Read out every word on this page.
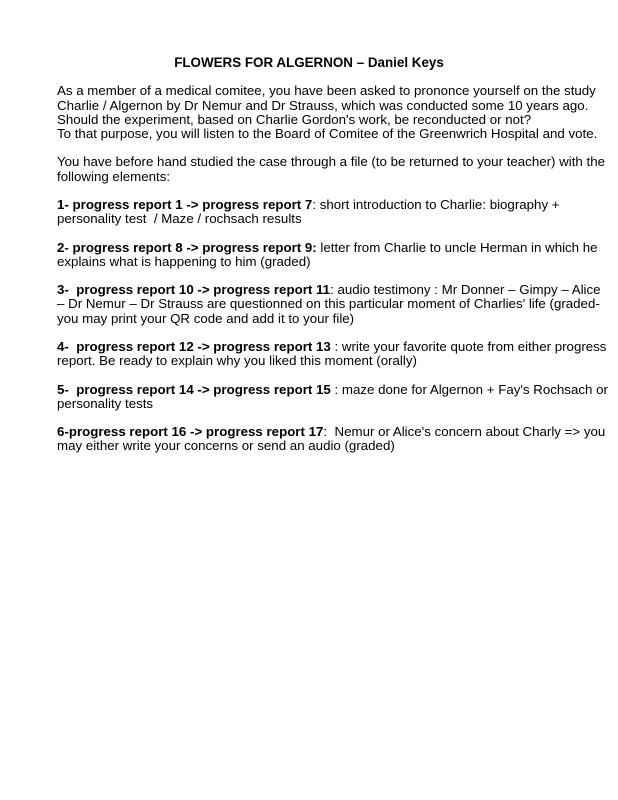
FLOWERS FOR ALGERNON – Daniel Keys
As a member of a medical comitee, you have been asked to prononce yourself on the study
Charlie / Algernon by Dr Nemur and Dr Strauss, which was conducted some 10 years ago.
Should the experiment, based on Charlie Gordon's work, be reconducted or not?
To that purpose, you will listen to the Board of Comitee of the Greenwrich Hospital and vote.
You have before hand studied the case through a file (to be returned to your teacher) with the
following elements:
1- progress report 1 -> progress report 7: short introduction to Charlie: biography +
personality test  / Maze / rochsach results
2- progress report 8 -> progress report 9: letter from Charlie to uncle Herman in which he
explains what is happening to him (graded)
3-  progress report 10 -> progress report 11: audio testimony : Mr Donner – Gimpy – Alice
– Dr Nemur – Dr Strauss are questionned on this particular moment of Charlies' life (graded-
you may print your QR code and add it to your file)
4-  progress report 12 -> progress report 13 : write your favorite quote from either progress
report. Be ready to explain why you liked this moment (orally)
5-  progress report 14 -> progress report 15 : maze done for Algernon + Fay's Rochsach or
personality tests
6-progress report 16 -> progress report 17:  Nemur or Alice's concern about Charly => you
may either write your concerns or send an audio (graded)
